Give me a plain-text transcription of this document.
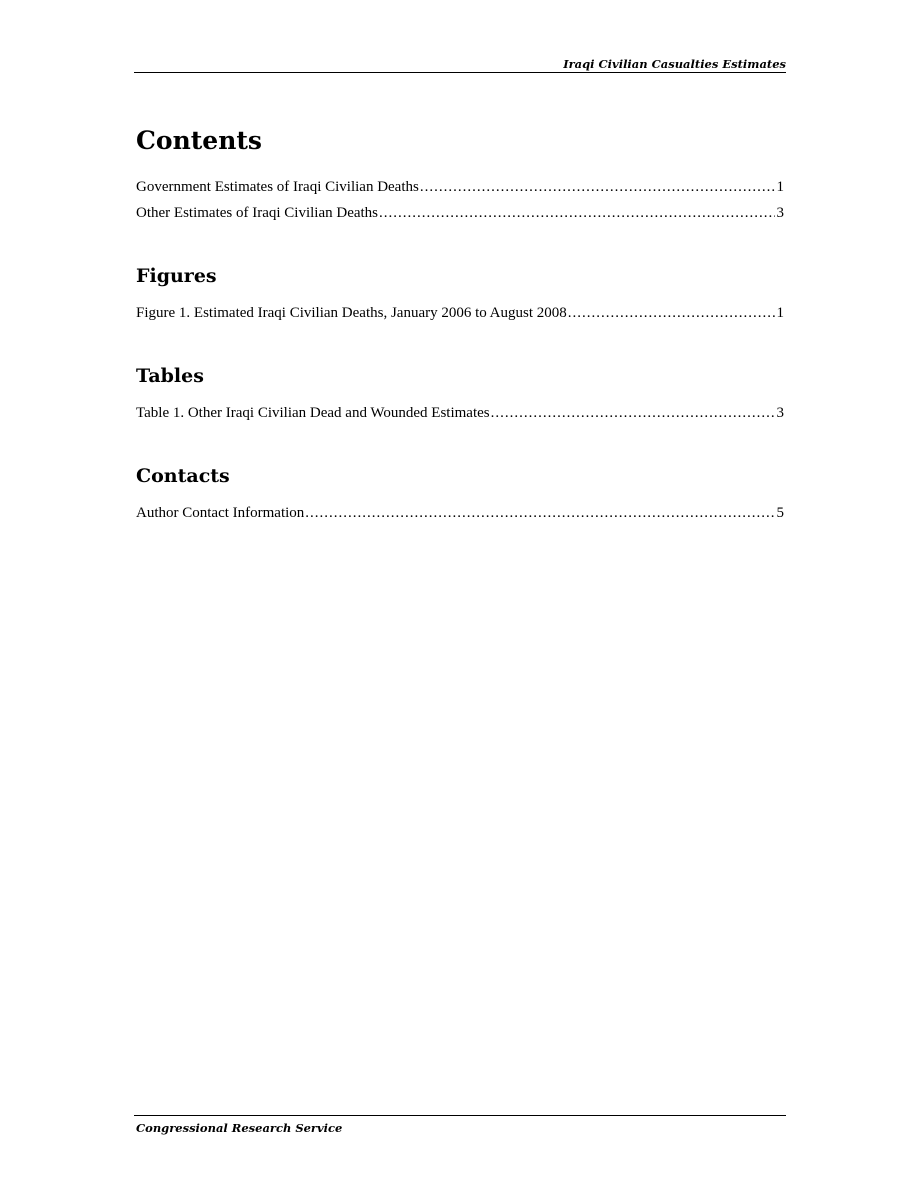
Iraqi Civilian Casualties Estimates
Contents
Government Estimates of Iraqi Civilian Deaths .....	1
Other Estimates of Iraqi Civilian Deaths .....	3
Figures
Figure 1. Estimated Iraqi Civilian Deaths, January 2006 to August 2008 .....	1
Tables
Table 1. Other Iraqi Civilian Dead and Wounded Estimates .....	3
Contacts
Author Contact Information .....	5
Congressional Research Service
